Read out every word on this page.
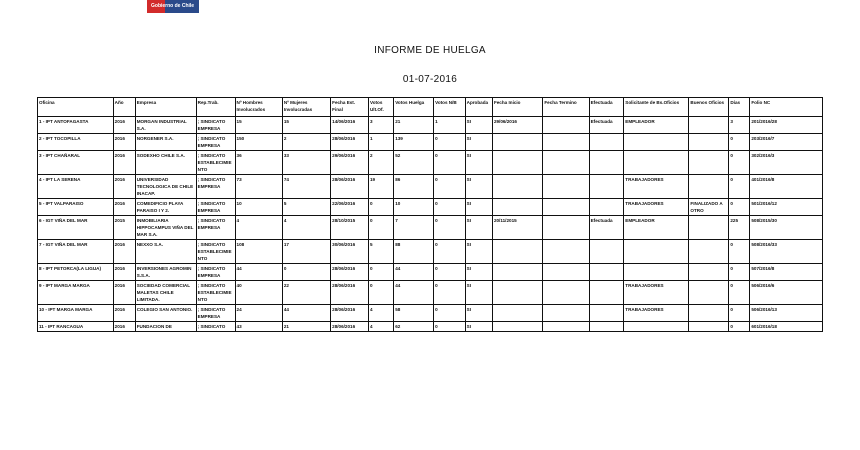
Gobierno de Chile
INFORME DE HUELGA
01-07-2016
Oficina	Año	Empresa	Rep.Trab.	Nº Hombres Involucrados	Nº Mujeres Involucradas	Fecha Est. Final	Votos Ult.Of.	Votos Huelga	Votos N/B	Aprobada	Fecha Inicio	Fecha Termino	Efectuada	Solicitante de Bs.Oficios	Buenos Oficios	Días	Folio NC
1 - IPT ANTOFAGASTA	2016	MORGAN INDUSTRIAL S.A.	; SINDICATO EMPRESA	15	15	14/06/2016	3	21	1	SI	29/06/2016		Efectuada	EMPLEADOR		3	201/2016/28
2 - IPT TOCOPILLA	2016	NORGENER S.A.	; SINDICATO EMPRESA	150	2	28/06/2016	1	139	0	SI						0	203/2016/7
3 - IPT CHAÑARAL	2016	SODEXHO CHILE S.A.	; SINDICATO ESTABLECIMIENTO	36	33	29/06/2016	2	52	0	SI						0	302/2016/3
4 - IPT LA SERENA	2016	UNIVERSIDAD TECNOLOGICA DE CHILE INACAP.	; SINDICATO EMPRESA	73	74	28/06/2016	19	86	0	SI				TRABAJADORES		0	401/2016/8
5 - IPT VALPARAISO	2016	COMEDIFICIO PLAYA PARAISO I Y 2.	; SINDICATO EMPRESA	10	5	22/06/2016	0	10	0	SI				TRABAJADORES	FINALIZADO A OTRO	0	501/2016/12
6 - IGT VIÑA DEL MAR	2015	INMOBILIARIA HIPPOCAMPUS VIÑA DEL MAR S.A.	; SINDICATO EMPRESA	4	4	28/10/2015	0	7	0	SI	20/11/2015		Efectuada	EMPLEADOR		225	508/2015/30
7 - IGT VIÑA DEL MAR	2016	NEXXO S.A.	; SINDICATO ESTABLECIMIENTO	108	17	30/06/2016	5	88	0	SI						0	508/2016/33
8 - IPT PETORCA(LA LIGUA)	2016	INVERSIONES AGROMIN S.S.A.	; SINDICATO EMPRESA	44	0	28/06/2016	0	44	0	SI						0	507/2016/8
9 - IPT MARGA MARGA	2016	SOCIEDAD COMERCIAL MALETAS CHILE LIMITADA.	; SINDICATO ESTABLECIMIENTO	40	22	28/06/2016	0	44	0	SI				TRABAJADORES		0	506/2016/6
10 - IPT MARGA MARGA	2016	COLEGIO SAN ANTONIO.	; SINDICATO EMPRESA	24	44	28/06/2016	4	58	0	SI				TRABAJADORES		0	506/2016/13
11 - IPT RANCAGUA	2016	FUNDACION DE	; SINDICATO	43	21	28/06/2016	4	62	0	SI						0	601/2016/18
